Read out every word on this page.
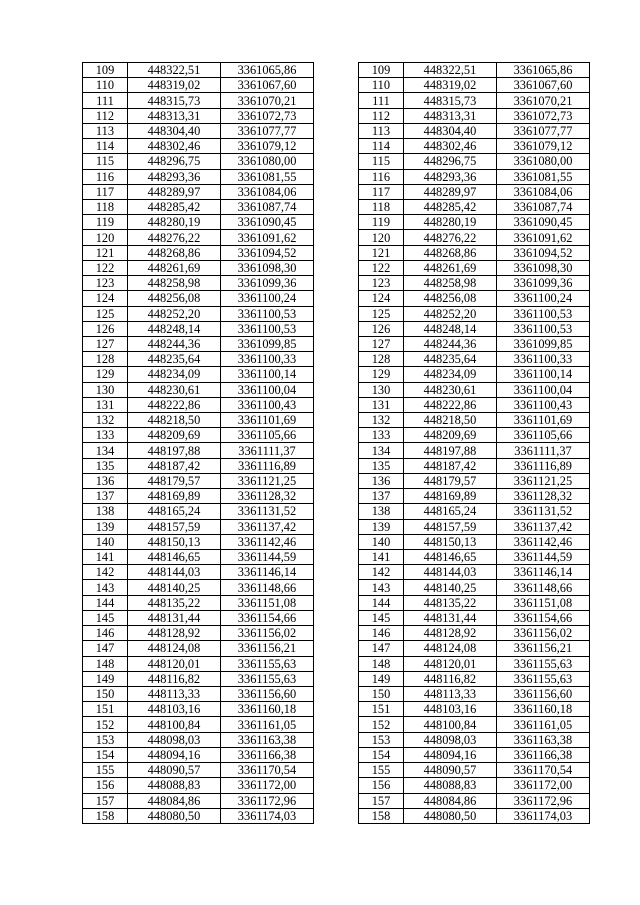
109	448322,51	3361065,86		109	448322,51	3361065,86
110	448319,02	3361067,60		110	448319,02	3361067,60
111	448315,73	3361070,21		111	448315,73	3361070,21
112	448313,31	3361072,73		112	448313,31	3361072,73
113	448304,40	3361077,77		113	448304,40	3361077,77
114	448302,46	3361079,12		114	448302,46	3361079,12
115	448296,75	3361080,00		115	448296,75	3361080,00
116	448293,36	3361081,55		116	448293,36	3361081,55
117	448289,97	3361084,06		117	448289,97	3361084,06
118	448285,42	3361087,74		118	448285,42	3361087,74
119	448280,19	3361090,45		119	448280,19	3361090,45
120	448276,22	3361091,62		120	448276,22	3361091,62
121	448268,86	3361094,52		121	448268,86	3361094,52
122	448261,69	3361098,30		122	448261,69	3361098,30
123	448258,98	3361099,36		123	448258,98	3361099,36
124	448256,08	3361100,24		124	448256,08	3361100,24
125	448252,20	3361100,53		125	448252,20	3361100,53
126	448248,14	3361100,53		126	448248,14	3361100,53
127	448244,36	3361099,85		127	448244,36	3361099,85
128	448235,64	3361100,33		128	448235,64	3361100,33
129	448234,09	3361100,14		129	448234,09	3361100,14
130	448230,61	3361100,04		130	448230,61	3361100,04
131	448222,86	3361100,43		131	448222,86	3361100,43
132	448218,50	3361101,69		132	448218,50	3361101,69
133	448209,69	3361105,66		133	448209,69	3361105,66
134	448197,88	3361111,37		134	448197,88	3361111,37
135	448187,42	3361116,89		135	448187,42	3361116,89
136	448179,57	3361121,25		136	448179,57	3361121,25
137	448169,89	3361128,32		137	448169,89	3361128,32
138	448165,24	3361131,52		138	448165,24	3361131,52
139	448157,59	3361137,42		139	448157,59	3361137,42
140	448150,13	3361142,46		140	448150,13	3361142,46
141	448146,65	3361144,59		141	448146,65	3361144,59
142	448144,03	3361146,14		142	448144,03	3361146,14
143	448140,25	3361148,66		143	448140,25	3361148,66
144	448135,22	3361151,08		144	448135,22	3361151,08
145	448131,44	3361154,66		145	448131,44	3361154,66
146	448128,92	3361156,02		146	448128,92	3361156,02
147	448124,08	3361156,21		147	448124,08	3361156,21
148	448120,01	3361155,63		148	448120,01	3361155,63
149	448116,82	3361155,63		149	448116,82	3361155,63
150	448113,33	3361156,60		150	448113,33	3361156,60
151	448103,16	3361160,18		151	448103,16	3361160,18
152	448100,84	3361161,05		152	448100,84	3361161,05
153	448098,03	3361163,38		153	448098,03	3361163,38
154	448094,16	3361166,38		154	448094,16	3361166,38
155	448090,57	3361170,54		155	448090,57	3361170,54
156	448088,83	3361172,00		156	448088,83	3361172,00
157	448084,86	3361172,96		157	448084,86	3361172,96
158	448080,50	3361174,03		158	448080,50	3361174,03
